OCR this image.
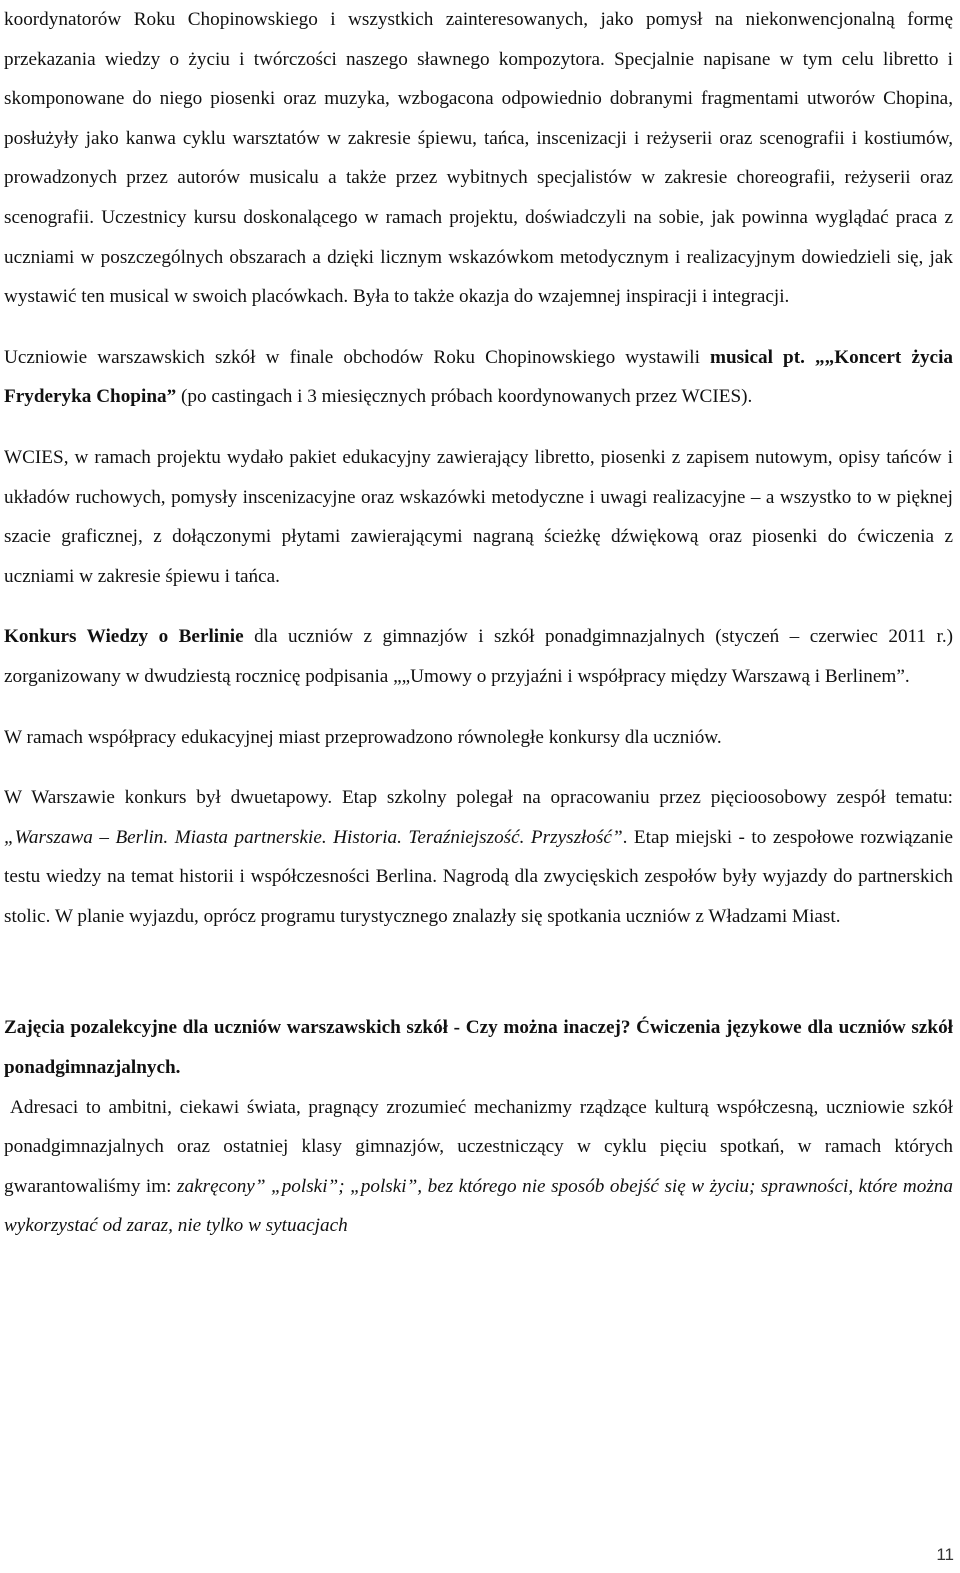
koordynatorów Roku Chopinowskiego i wszystkich zainteresowanych, jako pomysł na niekonwencjonalną formę przekazania wiedzy o życiu i twórczości naszego sławnego kompozytora. Specjalnie napisane w tym celu libretto i skomponowane do niego piosenki oraz muzyka, wzbogacona odpowiednio dobranymi fragmentami utworów Chopina, posłużyły jako kanwa cyklu warsztatów w zakresie śpiewu, tańca, inscenizacji i reżyserii oraz scenografii i kostiumów, prowadzonych przez autorów musicalu a także przez wybitnych specjalistów w zakresie choreografii, reżyserii oraz scenografii. Uczestnicy kursu doskonalącego w ramach projektu, doświadczyli na sobie, jak powinna wyglądać praca z uczniami w poszczególnych obszarach a dzięki licznym wskazówkom metodycznym i realizacyjnym dowiedzieli się, jak wystawić ten musical w swoich placówkach. Była to także okazja do wzajemnej inspiracji i integracji.

Uczniowie warszawskich szkół w finale obchodów Roku Chopinowskiego wystawili musical pt. „„Koncert życia Fryderyka Chopina” (po castingach i 3 miesięcznych próbach koordynowanych przez WCIES).

WCIES, w ramach projektu wydało pakiet edukacyjny zawierający libretto, piosenki z zapisem nutowym, opisy tańców i układów ruchowych, pomysły inscenizacyjne oraz wskazówki metodyczne i uwagi realizacyjne – a wszystko to w pięknej szacie graficznej, z dołączonymi płytami zawierającymi nagraną ścieżkę dźwiękową oraz piosenki do ćwiczenia z uczniami w zakresie śpiewu i tańca.

Konkurs Wiedzy o Berlinie dla uczniów z gimnazjów i szkół ponadgimnazjalnych (styczeń – czerwiec 2011 r.) zorganizowany w dwudziestą rocznicę podpisania „„Umowy o przyjaźni i współpracy między Warszawą i Berlinem”.

W ramach współpracy edukacyjnej miast przeprowadzono równoległe konkursy dla uczniów.

W Warszawie konkurs był dwuetapowy. Etap szkolny polegał na opracowaniu przez pięcioosobowy zespół tematu: „Warszawa – Berlin. Miasta partnerskie. Historia. Teraźniejszość. Przyszłość”. Etap miejski - to zespołowe rozwiązanie testu wiedzy na temat historii i współczesności Berlina. Nagrodą dla zwycięskich zespołów były wyjazdy do partnerskich stolic. W planie wyjazdu, oprócz programu turystycznego znalazły się spotkania uczniów z Władzami Miast.

Zajęcia pozalekcyjne dla uczniów warszawskich szkół - Czy można inaczej? Ćwiczenia językowe dla uczniów szkół ponadgimnazjalnych.

Adresaci to ambitni, ciekawi świata, pragnący zrozumieć mechanizmy rządzące kulturą współczesną, uczniowie szkół ponadgimnazjalnych oraz ostatniej klasy gimnazjów, uczestniczący w cyklu pięciu spotkań, w ramach których gwarantowaliśmy im: zakręcony” „polski”; „polski”, bez którego nie sposób obejść się w życiu; sprawności, które można wykorzystać od zaraz, nie tylko w sytuacjach

11
